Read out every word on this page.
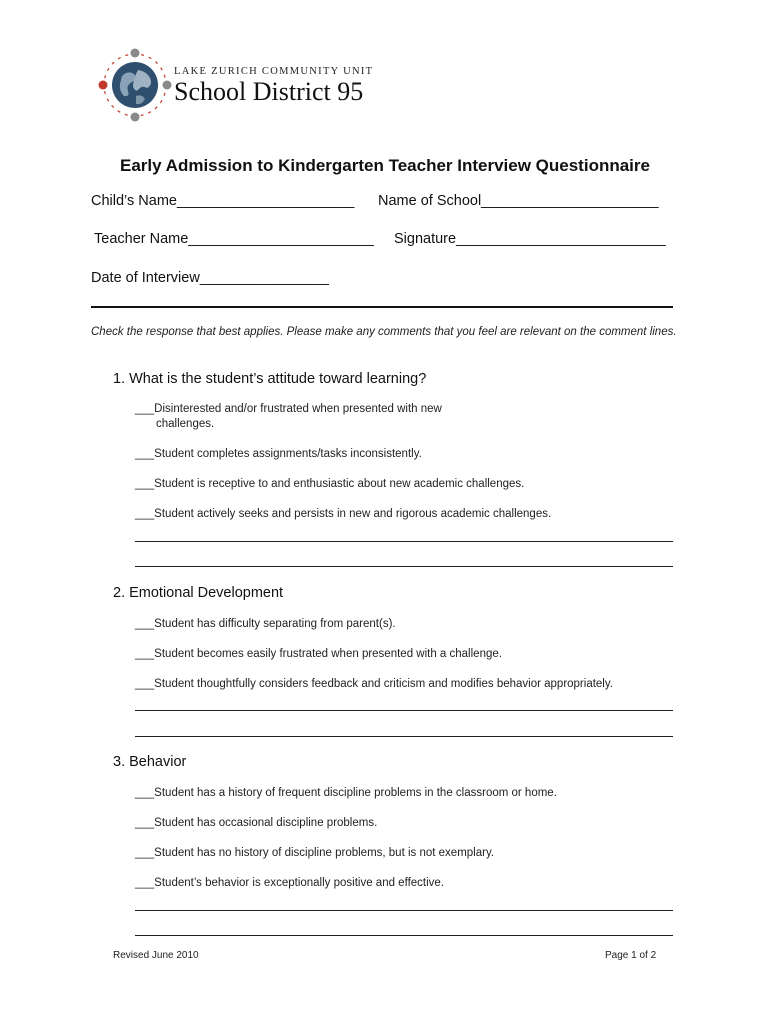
LAKE ZURICH COMMUNITY UNIT
School District 95
Early Admission to Kindergarten Teacher Interview Questionnaire
Child’s Name______________________ Name of School______________________
Teacher Name_______________________ Signature__________________________
Date of Interview________________
Check the response that best applies. Please make any comments that you feel are relevant on the comment lines.
1. What is the student’s attitude toward learning?
___Disinterested and/or frustrated when presented with new
challenges.
___Student completes assignments/tasks inconsistently.
___Student is receptive to and enthusiastic about new academic challenges.
___Student actively seeks and persists in new and rigorous academic challenges.
2. Emotional Development
___Student has difficulty separating from parent(s).
___Student becomes easily frustrated when presented with a challenge.
___Student thoughtfully considers feedback and criticism and modifies behavior appropriately.
3. Behavior
___Student has a history of frequent discipline problems in the classroom or home.
___Student has occasional discipline problems.
___Student has no history of discipline problems, but is not exemplary.
___Student’s behavior is exceptionally positive and effective.
Revised June 2010	Page 1 of 2
